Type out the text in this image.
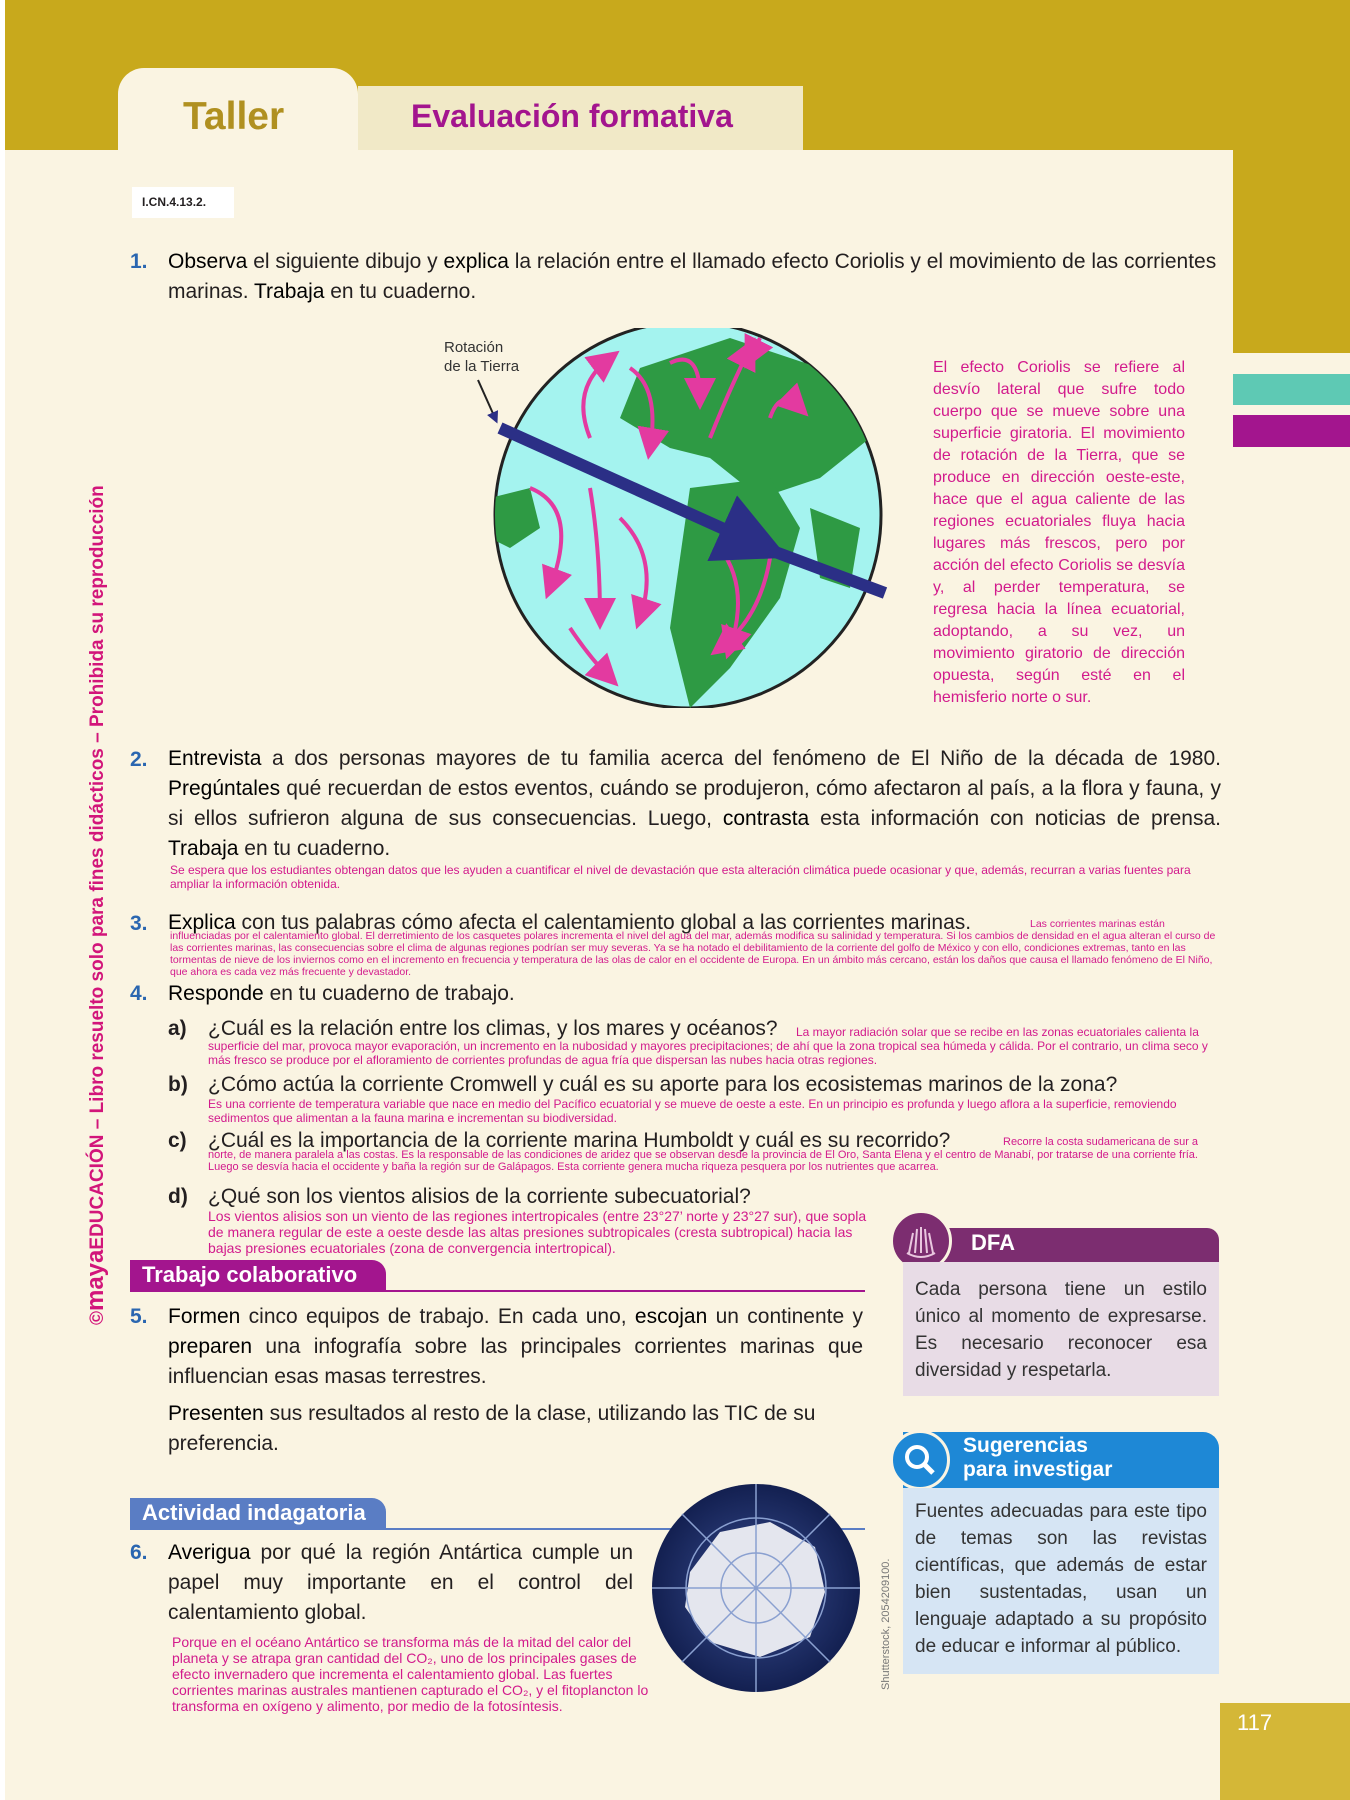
117
Taller	Evaluación formativa
I.CN.4.13.2.
©mayaEDUCACIÓN – Libro resuelto solo para fines didácticos – Prohibida su reproducción
1. Observa el siguiente dibujo y explica la relación entre el llamado efecto Coriolis y el movimiento de las corrientes marinas. Trabaja en tu cuaderno.
Rotación
de la Tierra	El efecto Coriolis se refiere al desvío lateral que sufre todo cuerpo que se mueve sobre una superficie giratoria. El movimiento de rotación de la Tierra, que se produce en dirección oeste-este, hace que el agua caliente de las regiones ecuatoriales fluya hacia lugares más frescos, pero por acción del efecto Coriolis se desvía y, al perder temperatura, se regresa hacia la línea ecuatorial, adoptando, a su vez, un movimiento giratorio de dirección opuesta, según esté en el hemisferio norte o sur.
2. Entrevista a dos personas mayores de tu familia acerca del fenómeno de El Niño de la década de 1980. Pregúntales qué recuerdan de estos eventos, cuándo se produjeron, cómo afectaron al país, a la flora y fauna, y si ellos sufrieron alguna de sus consecuencias. Luego, contrasta esta información con noticias de prensa. Trabaja en tu cuaderno.
Se espera que los estudiantes obtengan datos que les ayuden a cuantificar el nivel de devastación que esta alteración climática puede ocasionar y que, además, recurran a varias fuentes para ampliar la información obtenida.
3. Explica con tus palabras cómo afecta el calentamiento global a las corrientes marinas.	Las corrientes marinas están influenciadas por el calentamiento global. El derretimiento de los casquetes polares incrementa el nivel del agua del mar, además modifica su salinidad y temperatura. Si los cambios de densidad en el agua alteran el curso de las corrientes marinas, las consecuencias sobre el clima de algunas regiones podrían ser muy severas. Ya se ha notado el debilitamiento de la corriente del golfo de México y con ello, condiciones extremas, tanto en las tormentas de nieve de los inviernos como en el incremento en frecuencia y temperatura de las olas de calor en el occidente de Europa. En un ámbito más cercano, están los daños que causa el llamado fenómeno de El Niño, que ahora es cada vez más frecuente y devastador.
4. Responde en tu cuaderno de trabajo.
a) ¿Cuál es la relación entre los climas, y los mares y océanos?	La mayor radiación solar que se recibe en las zonas ecuatoriales calienta la superficie del mar, provoca mayor evaporación, un incremento en la nubosidad y mayores precipitaciones; de ahí que la zona tropical sea húmeda y cálida. Por el contrario, un clima seco y más fresco se produce por el afloramiento de corrientes profundas de agua fría que dispersan las nubes hacia otras regiones.
b) ¿Cómo actúa la corriente Cromwell y cuál es su aporte para los ecosistemas marinos de la zona?
Es una corriente de temperatura variable que nace en medio del Pacífico ecuatorial y se mueve de oeste a este. En un principio es profunda y luego aflora a la superficie, removiendo sedimentos que alimentan a la fauna marina e incrementan su biodiversidad.
c) ¿Cuál es la importancia de la corriente marina Humboldt y cuál es su recorrido?	Recorre la costa sudamericana de sur a norte, de manera paralela a las costas. Es la responsable de las condiciones de aridez que se observan desde la provincia de El Oro, Santa Elena y el centro de Manabí, por tratarse de una corriente fría. Luego se desvía hacia el occidente y baña la región sur de Galápagos. Esta corriente genera mucha riqueza pesquera por los nutrientes que acarrea.
d) ¿Qué son los vientos alisios de la corriente subecuatorial?
Los vientos alisios son un viento de las regiones intertropicales (entre 23°27’ norte y 23°27 sur), que sopla de manera regular de este a oeste desde las altas presiones subtropicales (cresta subtropical) hacia las bajas presiones ecuatoriales (zona de convergencia intertropical).
Trabajo colaborativo
5. Formen cinco equipos de trabajo. En cada uno, escojan un continente y preparen una infografía sobre las principales corrientes marinas que influencian esas masas terrestres.
Presenten sus resultados al resto de la clase, utilizando las TIC de su preferencia.
DFA
Cada persona tiene un estilo único al momento de expresarse. Es necesario reconocer esa diversidad y respetarla.
Sugerencias
para investigar
Fuentes adecuadas para este tipo de temas son las revistas científicas, que además de estar bien sustentadas, usan un lenguaje adaptado a su propósito de educar e informar al público.
Actividad indagatoria
6. Averigua por qué la región Antártica cumple un papel muy importante en el control del calentamiento global.
Porque en el océano Antártico se transforma más de la mitad del calor del planeta y se atrapa gran cantidad del CO₂, uno de los principales gases de efecto invernadero que incrementa el calentamiento global. Las fuertes corrientes marinas australes mantienen capturado el CO₂, y el fitoplancton lo transforma en oxígeno y alimento, por medio de la fotosíntesis.
Shutterstock, 2054209100.
